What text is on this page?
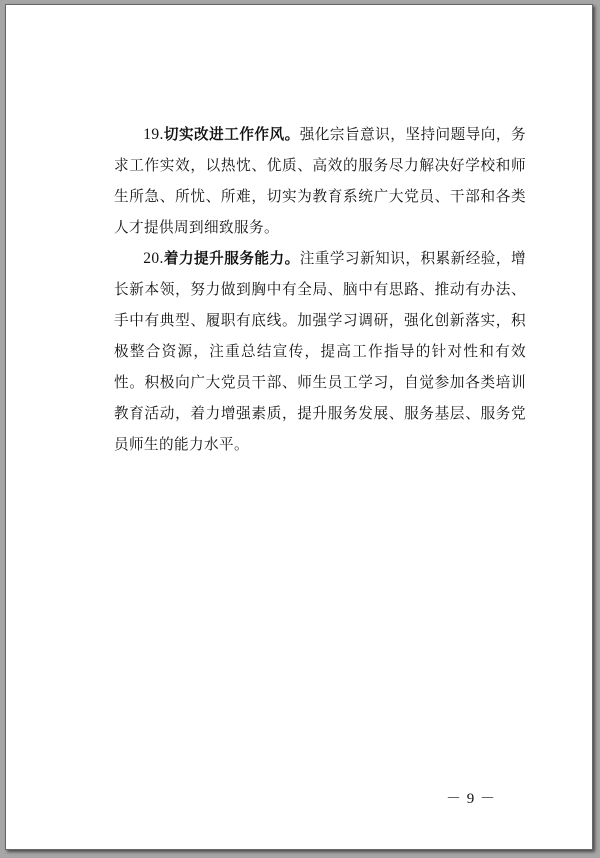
19.切实改进工作作风。强化宗旨意识，坚持问题导向，务求工作实效，以热忱、优质、高效的服务尽力解决好学校和师生所急、所忧、所难，切实为教育系统广大党员、干部和各类人才提供周到细致服务。

20.着力提升服务能力。注重学习新知识，积累新经验，增长新本领，努力做到胸中有全局、脑中有思路、推动有办法、手中有典型、履职有底线。加强学习调研，强化创新落实，积极整合资源，注重总结宣传，提高工作指导的针对性和有效性。积极向广大党员干部、师生员工学习，自觉参加各类培训教育活动，着力增强素质，提升服务发展、服务基层、服务党员师生的能力水平。

－ 9 －
